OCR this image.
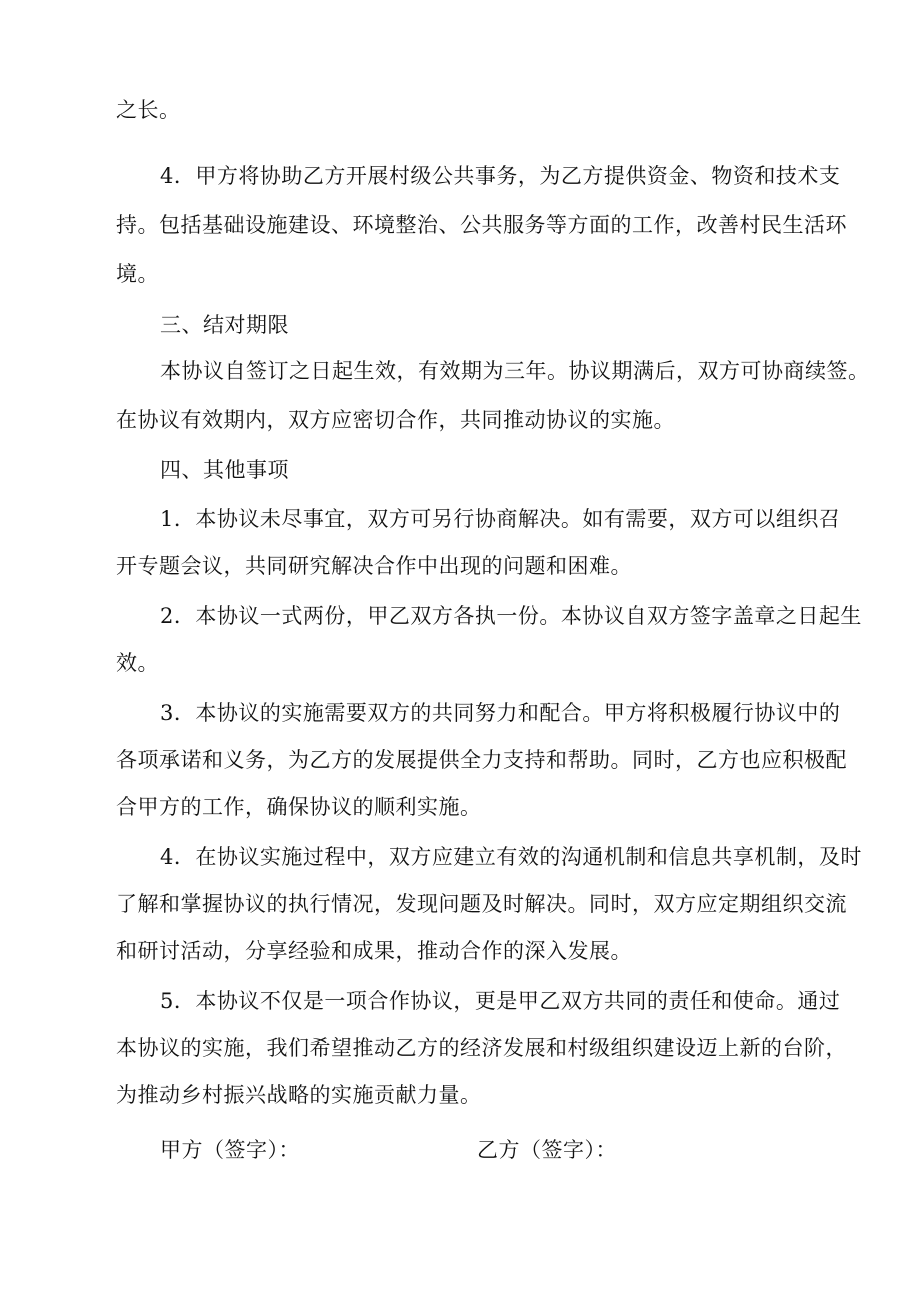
之长。
4．甲方将协助乙方开展村级公共事务，为乙方提供资金、物资和技术支
持。包括基础设施建设、环境整治、公共服务等方面的工作，改善村民生活环
境。
三、结对期限
本协议自签订之日起生效，有效期为三年。协议期满后，双方可协商续签。
在协议有效期内，双方应密切合作，共同推动协议的实施。
四、其他事项
1．本协议未尽事宜，双方可另行协商解决。如有需要，双方可以组织召
开专题会议，共同研究解决合作中出现的问题和困难。
2．本协议一式两份，甲乙双方各执一份。本协议自双方签字盖章之日起生
效。
3．本协议的实施需要双方的共同努力和配合。甲方将积极履行协议中的
各项承诺和义务，为乙方的发展提供全力支持和帮助。同时，乙方也应积极配
合甲方的工作，确保协议的顺利实施。
4．在协议实施过程中，双方应建立有效的沟通机制和信息共享机制，及时
了解和掌握协议的执行情况，发现问题及时解决。同时，双方应定期组织交流
和研讨活动，分享经验和成果，推动合作的深入发展。
5．本协议不仅是一项合作协议，更是甲乙双方共同的责任和使命。通过
本协议的实施，我们希望推动乙方的经济发展和村级组织建设迈上新的台阶，
为推动乡村振兴战略的实施贡献力量。
甲方（签字）：	乙方（签字）：
